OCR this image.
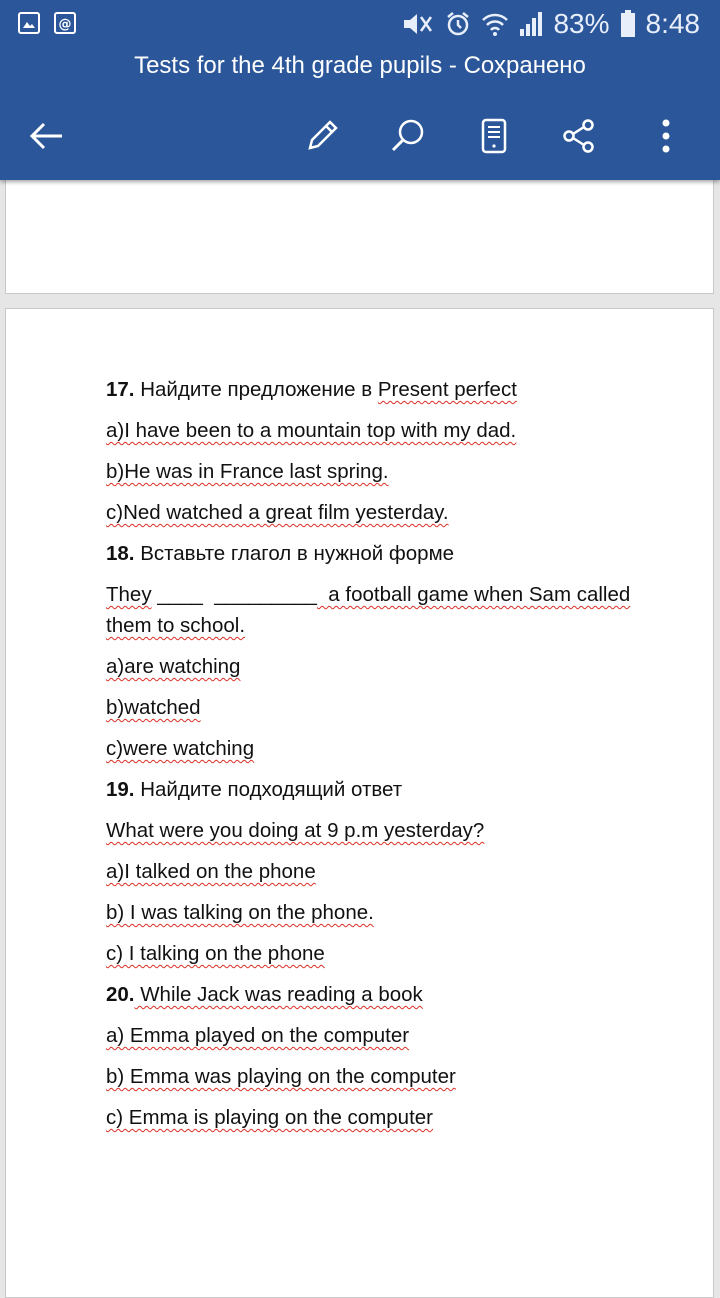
@	83% 8:48
Tests for the 4th grade pupils - Сохранено
17. Найдите предложение в Present perfect
a)I have been to a mountain top with my dad.
b)He was in France last spring.
c)Ned watched a great film yesterday.
18. Вставьте глагол в нужной форме
They ____  _________  a football game when Sam called
them to school.
a)are watching
b)watched
c)were watching
19. Найдите подходящий ответ
What were you doing at 9 p.m yesterday?
a)I talked on the phone
b) I was talking on the phone.
c) I talking on the phone
20. While Jack was reading a book
a) Emma played on the computer
b) Emma was playing on the computer
c) Emma is playing on the computer
